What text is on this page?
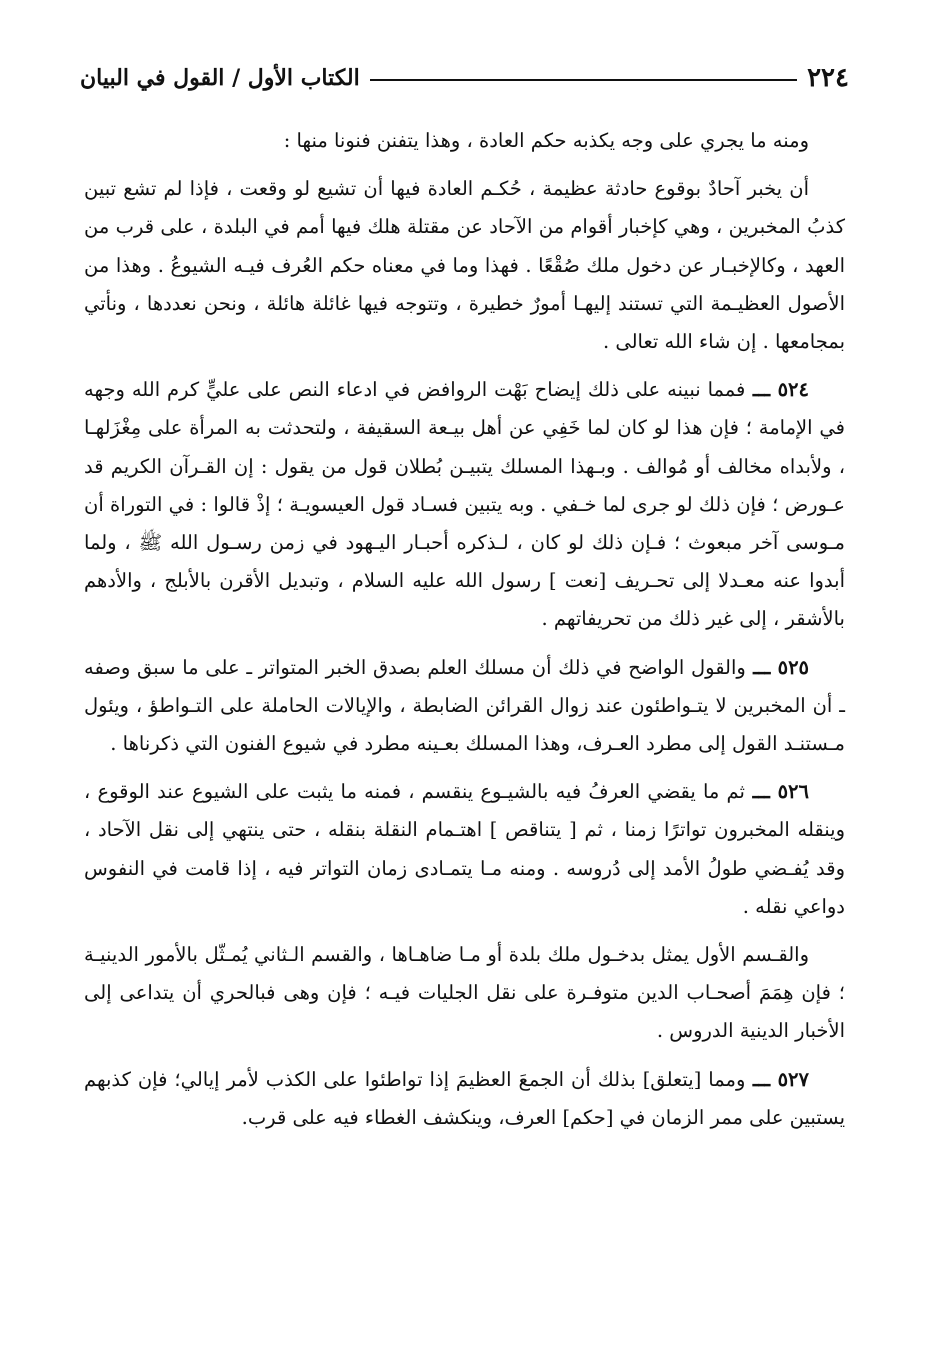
٢٢٤
الكتاب الأول / القول في البيان

ومنه ما يجري على وجه يكذبه حكم العادة ، وهذا يتفنن فنونا منها :

أن يخبر آحادٌ بوقوع حادثة عظيمة ، حُكـم العادة فيها أن تشيع لو وقعت ، فإذا لم تشع تبين كذبُ المخبرين ، وهي كإخبار أقوام من الآحاد عن مقتلة هلك فيها أمم في البلدة ، على قرب من العهد ، وكالإخبـار عن دخول ملك صُقْعًا . فهذا وما في معناه حكم العُرف فيـه الشيوعُ . وهذا من الأصول العظيـمة التي تستند إليهـا أمورٌ خطيرة ، وتتوجه فيها غائلة هائلة ، ونحن نعددها ، ونأتي بمجامعها . إن شاء الله تعالى .

٥٢٤ ـــ فمما نبينه على ذلك إيضاح بَهْت الروافض في ادعاء النص على عليٍّ كرم الله وجهه في الإمامة ؛ فإن هذا لو كان لما خَفِي عن أهل بيـعة السقيفة ، ولتحدثت به المرأة على مِغْزَلهـا ، ولأبداه مخالف أو مُوالف . وبـهذا المسلك يتبيـن بُطلان قول من يقول : إن القـرآن الكريم قد عـورض ؛ فإن ذلك لو جرى لما خـفي . وبه يتبين فسـاد قول العيسويـة ؛ إذْ قالوا : في التوراة أن مـوسى آخر مبعوث ؛ فـإن ذلك لو كان ، لـذكره أحبـار اليـهود في زمن رسـول الله ﷺ ، ولما أبدوا عنه معـدلا إلى تحـريف [نعت ] رسول الله عليه السلام ، وتبديل الأقرن بالأبلج ، والأدهم بالأشقر ، إلى غير ذلك من تحريفاتهم .

٥٢٥ ـــ والقول الواضح في ذلك أن مسلك العلم بصدق الخبر المتواتر ـ على ما سبق وصفه ـ أن المخبرين لا يتـواطئون عند زوال القرائن الضابطة ، والإيالات الحاملة على التـواطؤ ، ويئول مـستنـد القول إلى مطرد العـرف، وهذا المسلك بعـينه مطرد في شيوع الفنون التي ذكرناها .

٥٢٦ ـــ ثم ما يقضي العرفُ فيه بالشيـوع ينقسم ، فمنه ما يثبت على الشيوع عند الوقوع ، وينقله المخبرون تواترًا زمنا ، ثم [ يتناقص ] اهتـمام النقلة بنقله ، حتى ينتهي إلى نقل الآحاد ، وقد يُفـضي طولُ الأمد إلى دُروسه . ومنه مـا يتمـادى زمان التواتر فيه ، إذا قامت في النفوس دواعي نقله .

والقـسم الأول يمثل بدخـول ملك بلدة أو مـا ضاهـاها ، والقسم الـثاني يُمـثّل بالأمور الدينيـة ؛ فإن هِمَمَ أصحـاب الدين متوفـرة على نقل الجليات فيـه ؛ فإن وهى فبالحري أن يتداعى إلى الأخبار الدينية الدروس .

٥٢٧ ـــ ومما [يتعلق] بذلك أن الجمعَ العظيمَ إذا تواطئوا على الكذب لأمر إيالي؛ فإن كذبهم يستبين على ممر الزمان في [حكم] العرف، وينكشف الغطاء فيه على قرب.
